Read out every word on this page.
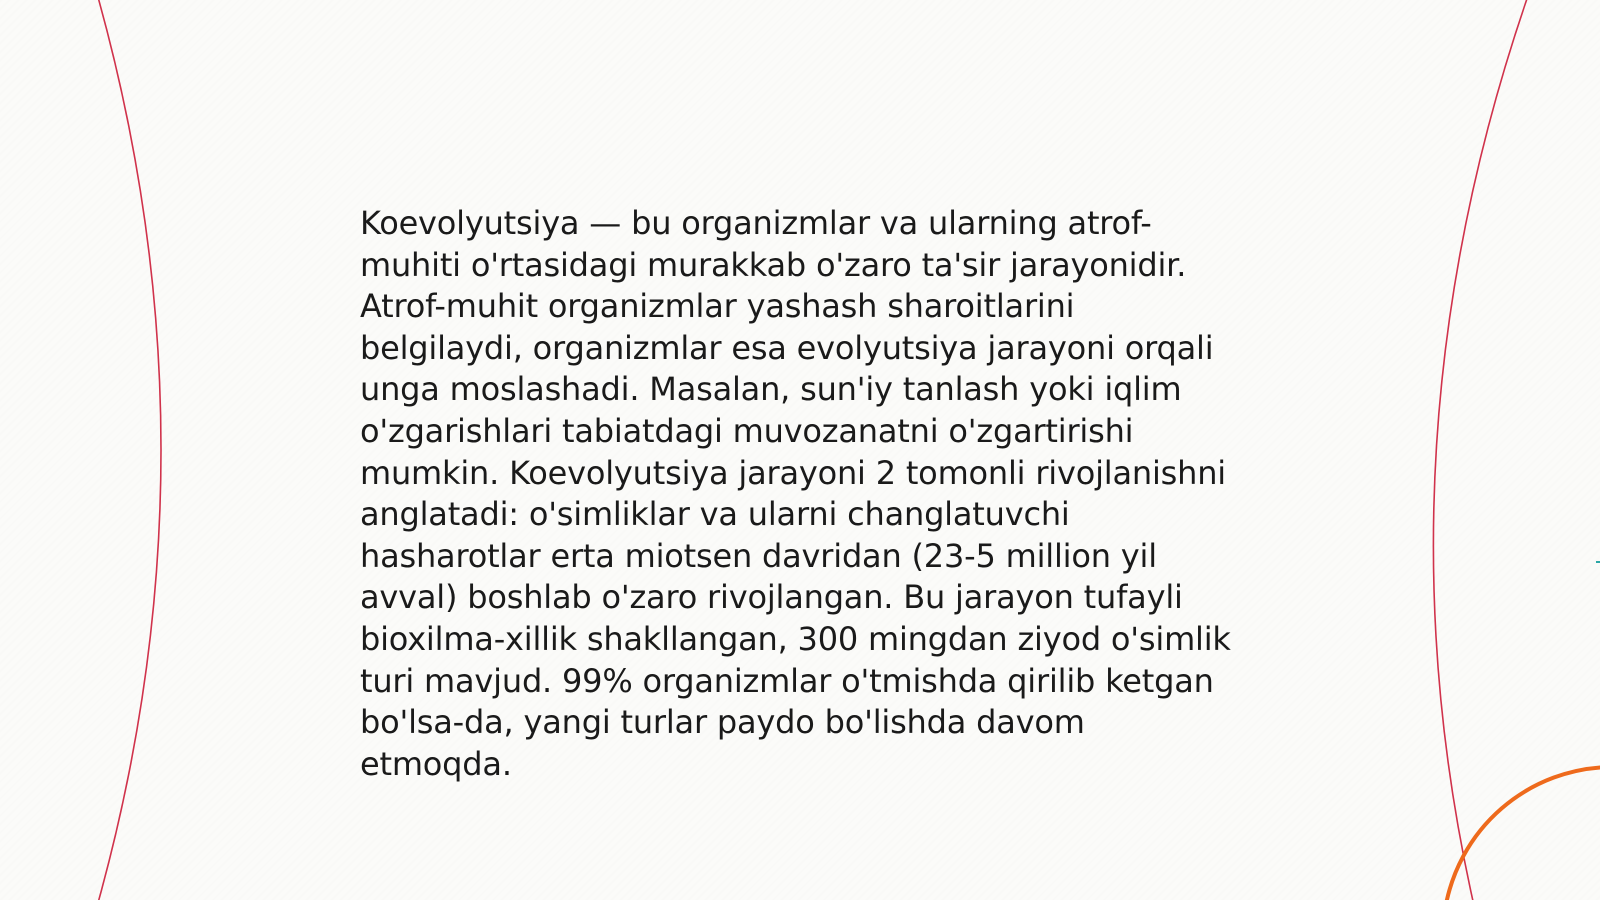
Koevolyutsiya — bu organizmlar va ularning atrof-muhiti o'rtasidagi murakkab o'zaro ta'sir jarayonidir. Atrof-muhit organizmlar yashash sharoitlarini belgilaydi, organizmlar esa evolyutsiya jarayoni orqali unga moslashadi. Masalan, sun'iy tanlash yoki iqlim o'zgarishlari tabiatdagi muvozanatni o'zgartirishi mumkin. Koevolyutsiya jarayoni 2 tomonli rivojlanishni anglatadi: o'simliklar va ularni changlatuvchi hasharotlar erta miotsen davridan (23-5 million yil avval) boshlab o'zaro rivojlangan. Bu jarayon tufayli bioxilma-xillik shakllangan, 300 mingdan ziyod o'simlik turi mavjud. 99% organizmlar o'tmishda qirilib ketgan bo'lsa-da, yangi turlar paydo bo'lishda davom etmoqda.
